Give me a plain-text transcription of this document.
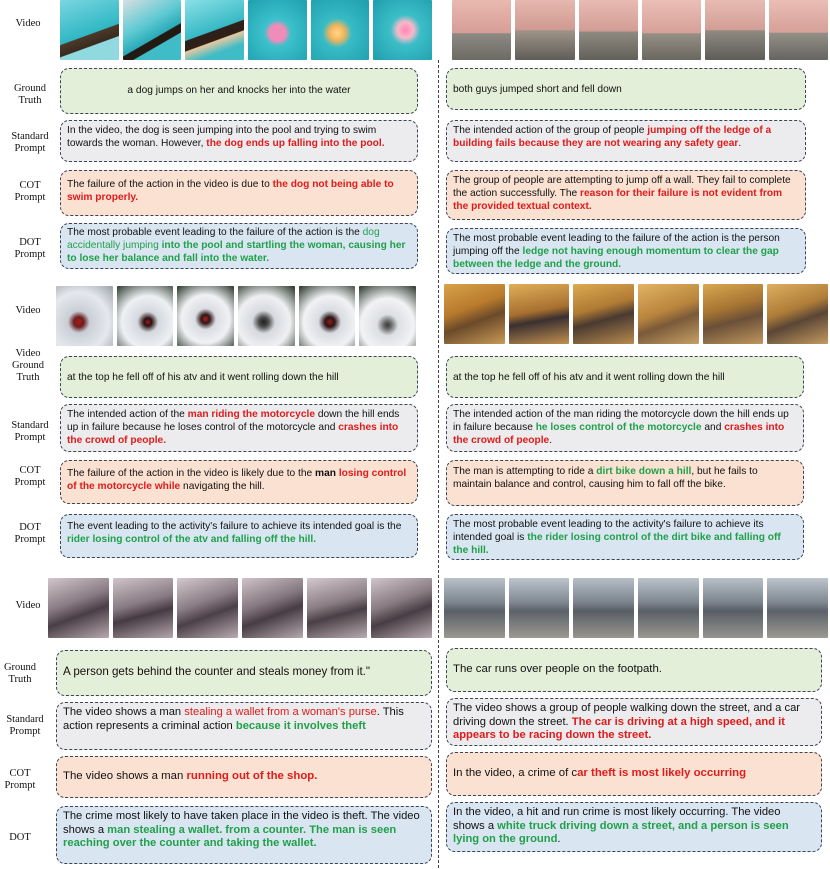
Video
Ground
Truth
Standard
Prompt
COT
Prompt
DOT
Prompt
a dog jumps on her and knocks her into the water
In the video, the dog is seen jumping into the pool and trying to swim towards the woman. However, the dog ends up falling into the pool.
The failure of the action in the video is due to the dog not being able to swim properly.
The most probable event leading to the failure of the action is the dog accidentally jumping into the pool and startling the woman, causing her to lose her balance and fall into the water.
both guys jumped short and fell down
The intended action of the group of people jumping off the ledge of a building fails because they are not wearing any safety gear.
The group of people are attempting to jump off a wall. They fail to complete the action successfully. The reason for their failure is not evident from the provided textual context.
The most probable event leading to the failure of the action is the person jumping off the ledge not having enough momentum to clear the gap between the ledge and the ground.
Video
Video
Ground
Truth
Standard
Prompt
COT
Prompt
DOT
Prompt
at the top he fell off of his atv and it went rolling down the hill
The intended action of the man riding the motorcycle down the hill ends up in failure because he loses control of the motorcycle and crashes into the crowd of people.
The failure of the action in the video is likely due to the man losing control of the motorcycle while navigating the hill.
The event leading to the activity's failure to achieve its intended goal is the rider losing control of the atv and falling off the hill.
at the top he fell off of his atv and it went rolling down the hill
The intended action of the man riding the motorcycle down the hill ends up in failure because he loses control of the motorcycle and crashes into the crowd of people.
The man is attempting to ride a dirt bike down a hill, but he fails to maintain balance and control, causing him to fall off the bike.
The most probable event leading to the activity's failure to achieve its intended goal is the rider losing control of the dirt bike and falling off the hill.
Video
Ground
Truth
Standard
Prompt
COT
Prompt
DOT
A person gets behind the counter and steals money from it."
The video shows a man stealing a wallet from a woman's purse. This action represents a criminal action because it involves theft
The video shows a man running out of the shop.
The crime most likely to have taken place in the video is theft. The video shows a man stealing a wallet. from a counter. The man is seen reaching over the counter and taking the wallet.
The car runs over people on the footpath.
The video shows a group of people walking down the street, and a car driving down the street. The car is driving at a high speed, and it appears to be racing down the street.
In the video, a crime of car theft is most likely occurring
In the video, a hit and run crime is most likely occurring. The video shows a white truck driving down a street, and a person is seen lying on the ground.
